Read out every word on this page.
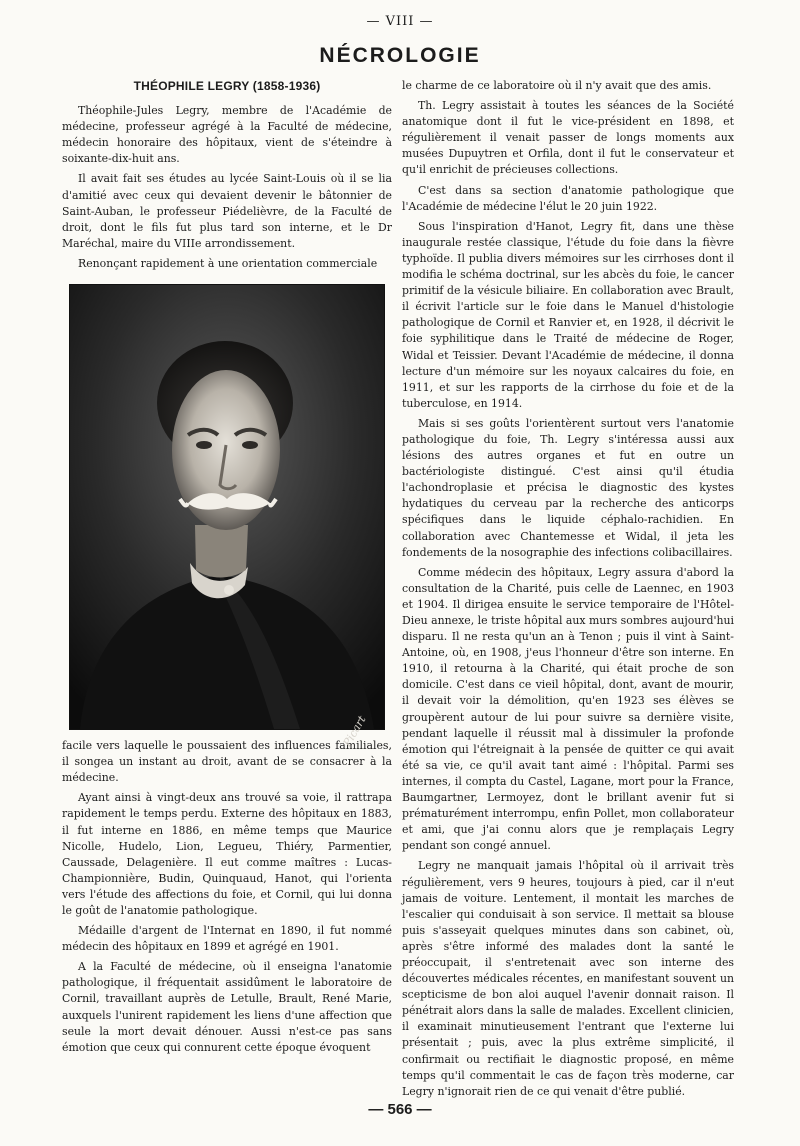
— VIII —
NÉCROLOGIE
THÉOPHILE LEGRY (1858-1936)

Théophile-Jules Legry, membre de l'Académie de médecine, professeur agrégé à la Faculté de médecine, médecin honoraire des hôpitaux, vient de s'éteindre à soixante-dix-huit ans.

Il avait fait ses études au lycée Saint-Louis où il se lia d'amitié avec ceux qui devaient devenir le bâtonnier de Saint-Auban, le professeur Piédelièvre, de la Faculté de droit, dont le fils fut plus tard son interne, et le Dr Maréchal, maire du VIIIe arrondissement.

Renonçant rapidement à une orientation commerciale

Picart

facile vers laquelle le poussaient des influences familiales, il songea un instant au droit, avant de se consacrer à la médecine.

Ayant ainsi à vingt-deux ans trouvé sa voie, il rattrapa rapidement le temps perdu. Externe des hôpitaux en 1883, il fut interne en 1886, en même temps que Maurice Nicolle, Hudelo, Lion, Legueu, Thiéry, Parmentier, Caussade, Delagenière. Il eut comme maîtres : Lucas-Championnière, Budin, Quinquaud, Hanot, qui l'orienta vers l'étude des affections du foie, et Cornil, qui lui donna le goût de l'anatomie pathologique.

Médaille d'argent de l'Internat en 1890, il fut nommé médecin des hôpitaux en 1899 et agrégé en 1901.

A la Faculté de médecine, où il enseigna l'anatomie pathologique, il fréquentait assidûment le laboratoire de Cornil, travaillant auprès de Letulle, Brault, René Marie, auxquels l'unirent rapidement les liens d'une affection que seule la mort devait dénouer. Aussi n'est-ce pas sans émotion que ceux qui connurent cette époque évoquent

le charme de ce laboratoire où il n'y avait que des amis.

Th. Legry assistait à toutes les séances de la Société anatomique dont il fut le vice-président en 1898, et régulièrement il venait passer de longs moments aux musées Dupuytren et Orfila, dont il fut le conservateur et qu'il enrichit de précieuses collections.

C'est dans sa section d'anatomie pathologique que l'Académie de médecine l'élut le 20 juin 1922.

Sous l'inspiration d'Hanot, Legry fit, dans une thèse inaugurale restée classique, l'étude du foie dans la fièvre typhoïde. Il publia divers mémoires sur les cirrhoses dont il modifia le schéma doctrinal, sur les abcès du foie, le cancer primitif de la vésicule biliaire. En collaboration avec Brault, il écrivit l'article sur le foie dans le Manuel d'histologie pathologique de Cornil et Ranvier et, en 1928, il décrivit le foie syphilitique dans le Traité de médecine de Roger, Widal et Teissier. Devant l'Académie de médecine, il donna lecture d'un mémoire sur les noyaux calcaires du foie, en 1911, et sur les rapports de la cirrhose du foie et de la tuberculose, en 1914.

Mais si ses goûts l'orientèrent surtout vers l'anatomie pathologique du foie, Th. Legry s'intéressa aussi aux lésions des autres organes et fut en outre un bactériologiste distingué. C'est ainsi qu'il étudia l'achondroplasie et précisa le diagnostic des kystes hydatiques du cerveau par la recherche des anticorps spécifiques dans le liquide céphalo-rachidien. En collaboration avec Chantemesse et Widal, il jeta les fondements de la nosographie des infections colibacillaires.

Comme médecin des hôpitaux, Legry assura d'abord la consultation de la Charité, puis celle de Laennec, en 1903 et 1904. Il dirigea ensuite le service temporaire de l'Hôtel-Dieu annexe, le triste hôpital aux murs sombres aujourd'hui disparu. Il ne resta qu'un an à Tenon ; puis il vint à Saint-Antoine, où, en 1908, j'eus l'honneur d'être son interne. En 1910, il retourna à la Charité, qui était proche de son domicile. C'est dans ce vieil hôpital, dont, avant de mourir, il devait voir la démolition, qu'en 1923 ses élèves se groupèrent autour de lui pour suivre sa dernière visite, pendant laquelle il réussit mal à dissimuler la profonde émotion qui l'étreignait à la pensée de quitter ce qui avait été sa vie, ce qu'il avait tant aimé : l'hôpital. Parmi ses internes, il compta du Castel, Lagane, mort pour la France, Baumgartner, Lermoyez, dont le brillant avenir fut si prématurément interrompu, enfin Pollet, mon collaborateur et ami, que j'ai connu alors que je remplaçais Legry pendant son congé annuel.

Legry ne manquait jamais l'hôpital où il arrivait très régulièrement, vers 9 heures, toujours à pied, car il n'eut jamais de voiture. Lentement, il montait les marches de l'escalier qui conduisait à son service. Il mettait sa blouse puis s'asseyait quelques minutes dans son cabinet, où, après s'être informé des malades dont la santé le préoccupait, il s'entretenait avec son interne des découvertes médicales récentes, en manifestant souvent un scepticisme de bon aloi auquel l'avenir donnait raison. Il pénétrait alors dans la salle de malades. Excellent clinicien, il examinait minutieusement l'entrant que l'externe lui présentait ; puis, avec la plus extrême simplicité, il confirmait ou rectifiait le diagnostic proposé, en même temps qu'il commentait le cas de façon très moderne, car Legry n'ignorait rien de ce qui venait d'être publié.

— 566 —
